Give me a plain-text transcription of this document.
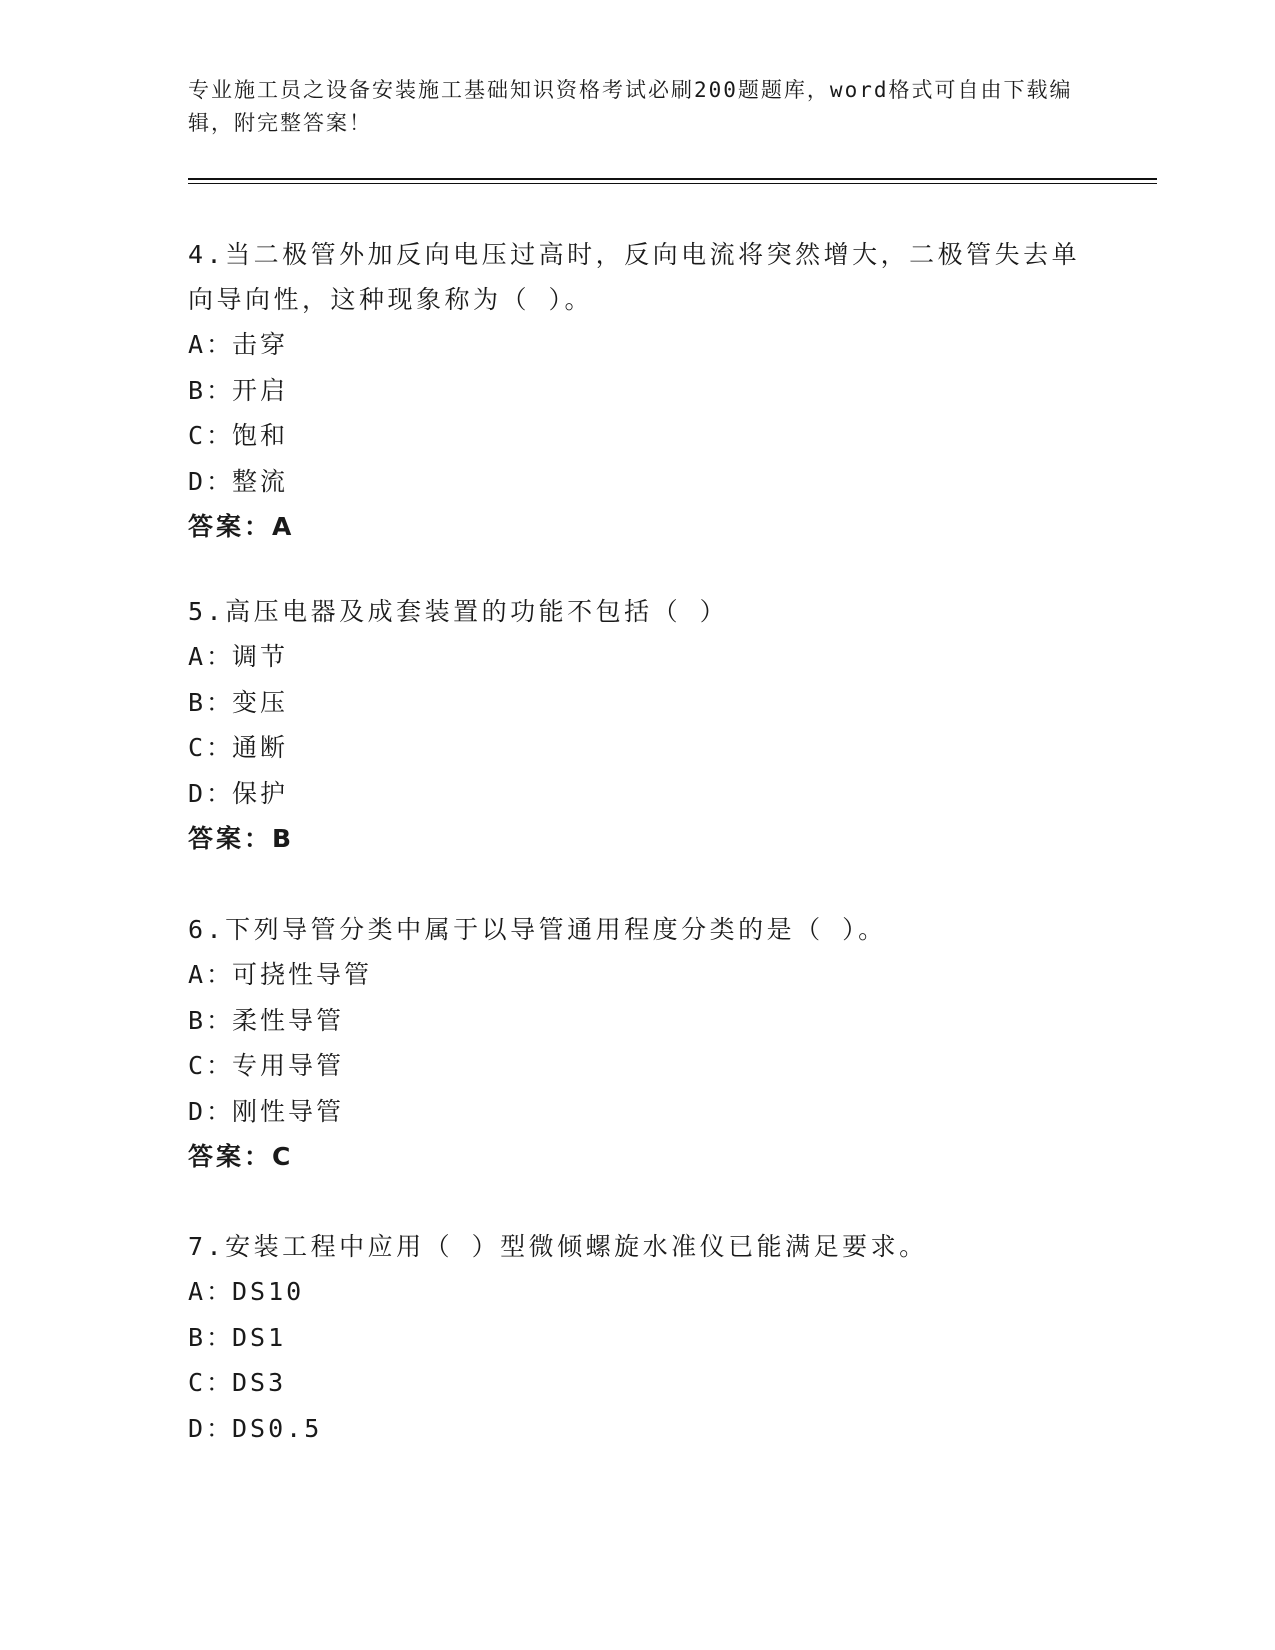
专业施工员之设备安装施工基础知识资格考试必刷200题题库，word格式可自由下载编辑，附完整答案！
4.当二极管外加反向电压过高时，反向电流将突然增大，二极管失去单向导向性，这种现象称为（ ）。
A：击穿
B：开启
C：饱和
D：整流
答案：A
5.高压电器及成套装置的功能不包括（ ）
A：调节
B：变压
C：通断
D：保护
答案：B
6.下列导管分类中属于以导管通用程度分类的是（ ）。
A：可挠性导管
B：柔性导管
C：专用导管
D：刚性导管
答案：C
7.安装工程中应用（ ）型微倾螺旋水准仪已能满足要求。
A：DS10
B：DS1
C：DS3
D：DS0.5
